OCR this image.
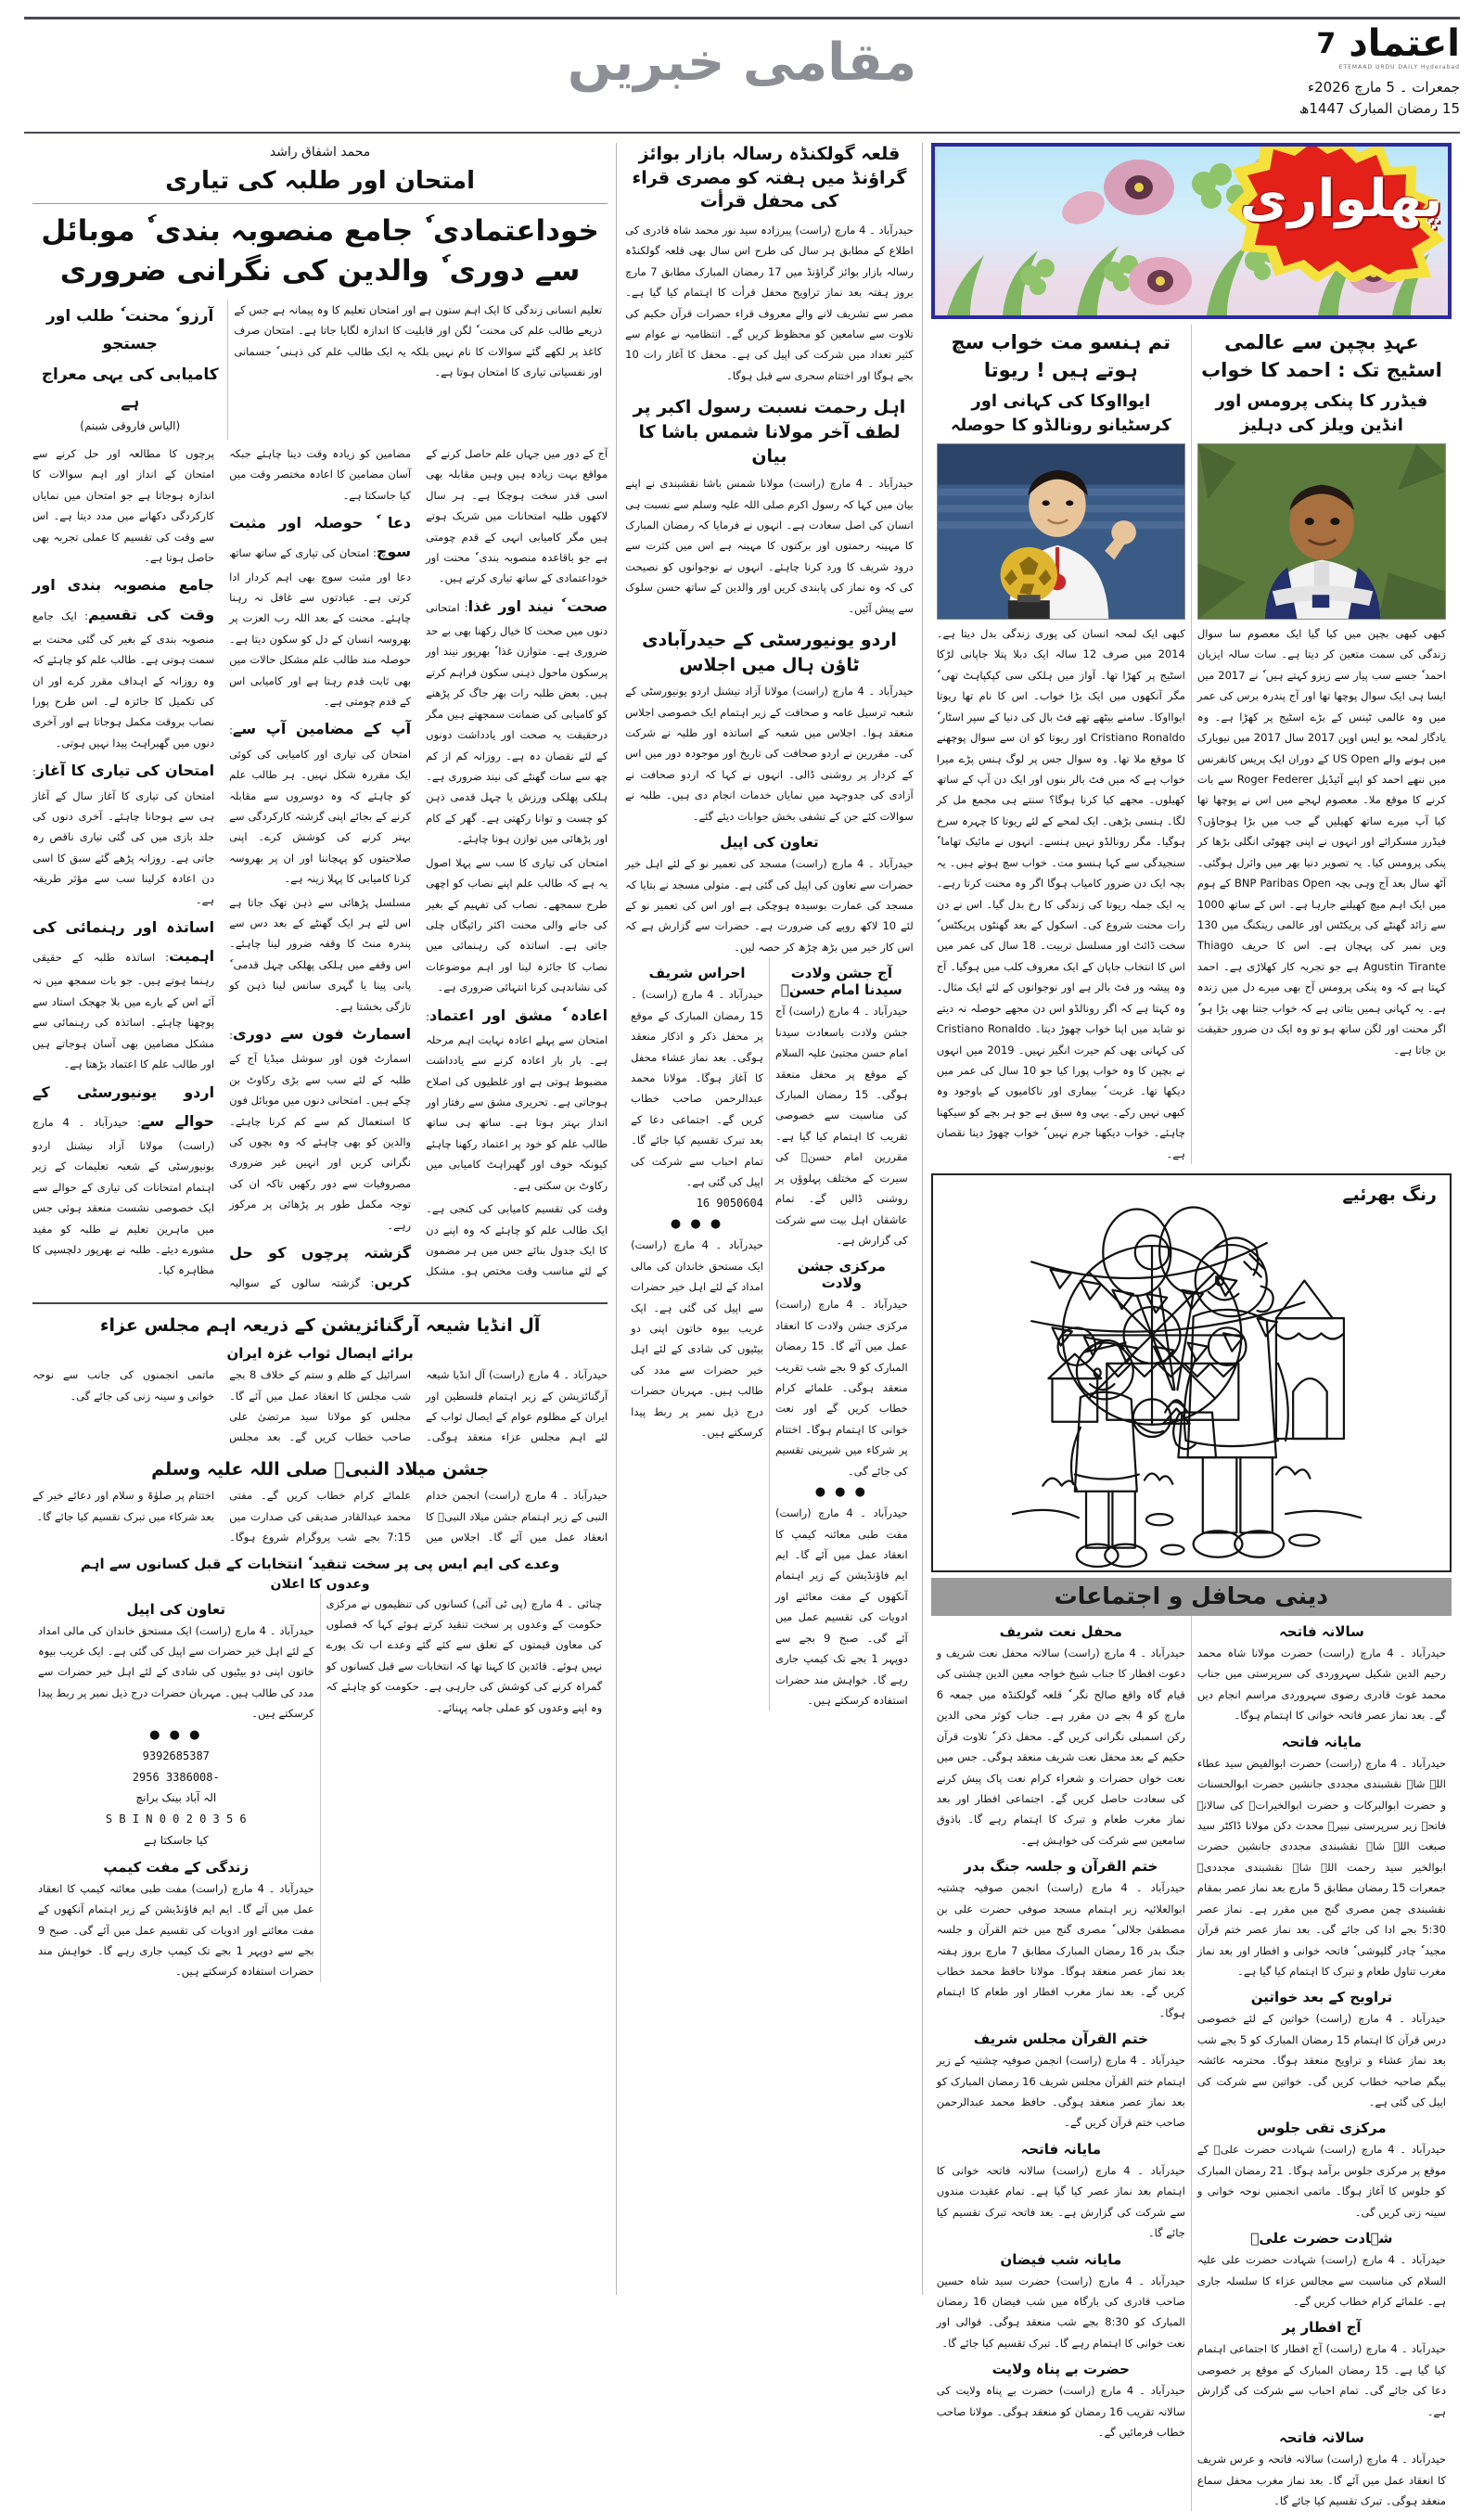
اعتماد
7
ETEMAAD URDU DAILY Hyderabad
جمعرات ۔ 5 مارچ 2026ء
15 رمضان المبارک 1447ھ
مقامی خبریں
پھلواری
عہدِ بچپن سے عالمی اسٹیج تک : احمد کا خواب
فیڈرر کا پنکی پرومس اور انڈین ویلز کی دہلیز
کبھی کبھی بچپن میں کیا گیا ایک معصوم سا سوال زندگی کی سمت متعین کر دیتا ہے۔ سات سالہ ایزیان احمد ٗ جسے سب پیار سے زیزو کہتے ہیں ٗ نے 2017 میں ایسا ہی ایک سوال پوچھا تھا اور آج پندرہ برس کی عمر میں وہ عالمی ٹینس کے بڑے اسٹیج پر کھڑا ہے۔ وہ یادگار لمحہ یو ایس اوپن 2017 سال 2017 میں نیویارک میں ہونے والے US Open کے دوران ایک پریس کانفرنس میں ننھے احمد کو اپنے آئیڈیل Roger Federer سے بات کرنے کا موقع ملا۔ معصوم لہجے میں اس نے پوچھا تھا کیا آپ میرے ساتھ کھیلیں گے جب میں بڑا ہوجاؤں؟ فیڈرر مسکرائے اور انہوں نے اپنی چھوٹی انگلی بڑھا کر پنکی پرومس کیا۔ یہ تصویر دنیا بھر میں وائرل ہوگئی۔ آٹھ سال بعد آج وہی بچہ BNP Paribas Open کے ہوم میں ایک اہم میچ کھیلنے جارہا ہے۔ اس کے ساتھ 1000 سے زائد گھنٹے کی پریکٹس اور عالمی رینکنگ میں 130 ویں نمبر کی پہچان ہے۔ اس کا حریف Thiago Agustin Tirante ہے جو تجربہ کار کھلاڑی ہے۔ احمد کہتا ہے کہ وہ پنکی پرومس آج بھی میرے دل میں زندہ ہے۔ یہ کہانی ہمیں بتاتی ہے کہ خواب جتنا بھی بڑا ہو ٗ اگر محنت اور لگن ساتھ ہو تو وہ ایک دن ضرور حقیقت بن جاتا ہے۔
تم ہنسو مت خواب سچ ہوتے ہیں ! ریوتا
ایوااوکا کی کہانی اور کرسٹیانو رونالڈو کا حوصلہ
کبھی ایک لمحہ انسان کی پوری زندگی بدل دیتا ہے۔ 2014 میں صرف 12 سالہ ایک دبلا پتلا جاپانی لڑکا اسٹیج پر کھڑا تھا۔ آواز میں ہلکی سی کپکپاہٹ تھی ٗ مگر آنکھوں میں ایک بڑا خواب۔ اس کا نام تھا ریوتا ایوااوکا۔ سامنے بیٹھے تھے فٹ بال کی دنیا کے سپر اسٹار ٗ Cristiano Ronaldo اور ریوتا کو ان سے سوال پوچھنے کا موقع ملا تھا۔ وہ سوال جس پر لوگ ہنس پڑے میرا خواب ہے کہ میں فٹ بالر بنوں اور ایک دن آپ کے ساتھ کھیلوں۔ مجھے کیا کرنا ہوگا؟ سنتے ہی مجمع مل کر لگا۔ ہنسی بڑھی۔ ایک لمحے کے لئے ریوتا کا چہرہ سرخ ہوگیا۔ مگر رونالڈو نہیں ہنسے۔ انہوں نے مائیک تھاما ٗ سنجیدگی سے کہا ہنسو مت۔ خواب سچ ہوتے ہیں۔ یہ بچہ ایک دن ضرور کامیاب ہوگا اگر وہ محنت کرتا رہے۔ یہ ایک جملہ ریوتا کی زندگی کا رخ بدل گیا۔ اس نے دن رات محنت شروع کی۔ اسکول کے بعد گھنٹوں پریکٹس ٗ سخت ڈائٹ اور مسلسل تربیت۔ 18 سال کی عمر میں اس کا انتخاب جاپان کے ایک معروف کلب میں ہوگیا۔ آج وہ پیشہ ور فٹ بالر ہے اور نوجوانوں کے لئے ایک مثال۔ وہ کہتا ہے کہ اگر رونالڈو اس دن مجھے حوصلہ نہ دیتے تو شاید میں اپنا خواب چھوڑ دیتا۔ Cristiano Ronaldo کی کہانی بھی کم حیرت انگیز نہیں۔ 2019 میں انہوں نے بچپن کا وہ خواب پورا کیا جو 10 سال کی عمر میں دیکھا تھا۔ غربت ٗ بیماری اور ناکامیوں کے باوجود وہ کبھی نہیں رکے۔ یہی وہ سبق ہے جو ہر بچے کو سیکھنا چاہئے۔ خواب دیکھنا جرم نہیں ٗ خواب چھوڑ دینا نقصان ہے۔
رنگ بھرئیے
دینی محافل و اجتماعات
سالانہ فاتحہ
حیدرآباد ۔ 4 مارچ (راست) حضرت مولانا شاہ محمد رحیم الدین شکیل سہروردی کی سرپرستی میں جناب محمد غوث قادری رضوی سہروردی مراسم انجام دیں گے۔ بعد نماز عصر فاتحہ خوانی کا اہتمام ہوگا۔
مایانہ فاتحہ
حیدرآباد ۔ 4 مارچ (راست) حضرت ابوالفیض سید عطاء اللہ شاہ نقشبندی مجددی جانشین حضرت ابوالحسنات و حضرت ابوالبرکات و حضرت ابوالخیراتؒ کی سالانہ فاتحہ زیر سرپرستی نبیرہ محدث دکن مولانا ڈاکٹر سید صبغت اللہ شاہ نقشبندی مجددی جانشین حضرت ابوالخیر سید رحمت اللہ شاہ نقشبندی مجددیؒ جمعرات 15 رمضان مطابق 5 مارچ بعد نماز عصر بمقام نقشبندی چمن مصری گنج میں مقرر ہے۔ نماز عصر 5:30 بجے ادا کی جائے گی۔ بعد نماز عصر ختم قرآن مجید ٗ چادر گلپوشی ٗ فاتحہ خوانی و افطار اور بعد نماز مغرب تناول طعام و تبرک کا اہتمام کیا گیا ہے۔
تراویح کے بعد خواتین
حیدرآباد ۔ 4 مارچ (راست) خواتین کے لئے خصوصی درس قرآن کا اہتمام 15 رمضان المبارک کو 5 بجے شب بعد نماز عشاء و تراویح منعقد ہوگا۔ محترمہ عائشہ بیگم صاحبہ خطاب کریں گی۔ خواتین سے شرکت کی اپیل کی گئی ہے۔
مرکزی تقی جلوس
حیدرآباد ۔ 4 مارچ (راست) شہادت حضرت علیؓ کے موقع پر مرکزی جلوس برآمد ہوگا۔ 21 رمضان المبارک کو جلوس کا آغاز ہوگا۔ ماتمی انجمنیں نوحہ خوانی و سینہ زنی کریں گی۔
شہادت حضرت علیؓ
حیدرآباد ۔ 4 مارچ (راست) شہادت حضرت علی علیہ السلام کی مناسبت سے مجالس عزاء کا سلسلہ جاری ہے۔ علمائے کرام خطاب کریں گے۔
آج افطار پر
حیدرآباد ۔ 4 مارچ (راست) آج افطار کا اجتماعی اہتمام کیا گیا ہے۔ 15 رمضان المبارک کے موقع پر خصوصی دعا کی جائے گی۔ تمام احباب سے شرکت کی گزارش ہے۔
سالانہ فاتحہ
حیدرآباد ۔ 4 مارچ (راست) سالانہ فاتحہ و عرس شریف کا انعقاد عمل میں آئے گا۔ بعد نماز مغرب محفل سماع منعقد ہوگی۔ تبرک تقسیم کیا جائے گا۔
محفل نعت شریف
حیدرآباد ۔ 4 مارچ (راست) سالانہ محفل نعت شریف و دعوت افطار کا جناب شیخ خواجہ معین الدین چشتی کی قیام گاہ واقع صالح نگر ٗ قلعہ گولکنڈہ میں جمعہ 6 مارچ کو 4 بجے دن مقرر ہے۔ جناب کوثر محی الدین رکن اسمبلی نگرانی کریں گے۔ محفل ذکر ٗ تلاوت قرآن حکیم کے بعد محفل نعت شریف منعقد ہوگی۔ جس میں نعت خواں حضرات و شعراء کرام نعت پاک پیش کرنے کی سعادت حاصل کریں گے۔ اجتماعی افطار اور بعد نماز مغرب طعام و تبرک کا اہتمام رہے گا۔ باذوق سامعین سے شرکت کی خواہش ہے۔
ختم القرآن و جلسہ جنگ بدر
حیدرآباد ۔ 4 مارچ (راست) انجمن صوفیہ چشتیہ ابوالعلائیہ زیر اہتمام مسجد صوفی حضرت علی بن مصطفیٰ جلالی ٗ مصری گنج میں ختم القرآن و جلسہ جنگ بدر 16 رمضان المبارک مطابق 7 مارچ بروز ہفتہ بعد نماز عصر منعقد ہوگا۔ مولانا حافظ محمد خطاب کریں گے۔ بعد نماز مغرب افطار اور طعام کا اہتمام ہوگا۔
ختم القرآن مجلس شریف
حیدرآباد ۔ 4 مارچ (راست) انجمن صوفیہ چشتیہ کے زیر اہتمام ختم القرآن مجلس شریف 16 رمضان المبارک کو بعد نماز عصر منعقد ہوگی۔ حافظ محمد عبدالرحمن صاحب ختم قرآن کریں گے۔
مایانہ فاتحہ
حیدرآباد ۔ 4 مارچ (راست) سالانہ فاتحہ خوانی کا اہتمام بعد نماز عصر کیا گیا ہے۔ تمام عقیدت مندوں سے شرکت کی گزارش ہے۔ بعد فاتحہ تبرک تقسیم کیا جائے گا۔
مایانہ شب فیضان
حیدرآباد ۔ 4 مارچ (راست) حضرت سید شاہ حسین صاحب قادری کی بارگاہ میں شب فیضان 16 رمضان المبارک کو 8:30 بجے شب منعقد ہوگی۔ قوالی اور نعت خوانی کا اہتمام رہے گا۔ تبرک تقسیم کیا جائے گا۔
حضرت بے پناہ ولایت
حیدرآباد ۔ 4 مارچ (راست) حضرت بے پناہ ولایت کی سالانہ تقریب 16 رمضان کو منعقد ہوگی۔ مولانا صاحب خطاب فرمائیں گے۔
قلعہ گولکنڈہ رسالہ بازار بوائز گراؤنڈ میں ہفتہ کو مصری قراء کی محفل قرأت
حیدرآباد ۔ 4 مارچ (راست) پیرزادہ سید نور محمد شاہ قادری کی اطلاع کے مطابق ہر سال کی طرح اس سال بھی قلعہ گولکنڈہ رسالہ بازار بوائز گراؤنڈ میں 17 رمضان المبارک مطابق 7 مارچ بروز ہفتہ بعد نماز تراویح محفل قرأت کا اہتمام کیا گیا ہے۔ مصر سے تشریف لانے والے معروف قراء حضرات قرآن حکیم کی تلاوت سے سامعین کو محظوظ کریں گے۔ انتظامیہ نے عوام سے کثیر تعداد میں شرکت کی اپیل کی ہے۔ محفل کا آغاز رات 10 بجے ہوگا اور اختتام سحری سے قبل ہوگا۔
اہل رحمت نسبت رسول اکبر پر لطف آخر مولانا شمس باشا کا بیان
حیدرآباد ۔ 4 مارچ (راست) مولانا شمس باشا نقشبندی نے اپنے بیان میں کہا کہ رسول اکرم صلی اللہ علیہ وسلم سے نسبت ہی انسان کی اصل سعادت ہے۔ انہوں نے فرمایا کہ رمضان المبارک کا مہینہ رحمتوں اور برکتوں کا مہینہ ہے اس میں کثرت سے درود شریف کا ورد کرنا چاہئے۔ انہوں نے نوجوانوں کو نصیحت کی کہ وہ نماز کی پابندی کریں اور والدین کے ساتھ حسن سلوک سے پیش آئیں۔
اردو یونیورسٹی کے حیدرآبادی ٹاؤن ہال میں اجلاس
حیدرآباد ۔ 4 مارچ (راست) مولانا آزاد نیشنل اردو یونیورسٹی کے شعبہ ترسیل عامہ و صحافت کے زیر اہتمام ایک خصوصی اجلاس منعقد ہوا۔ اجلاس میں شعبہ کے اساتذہ اور طلبہ نے شرکت کی۔ مقررین نے اردو صحافت کی تاریخ اور موجودہ دور میں اس کے کردار پر روشنی ڈالی۔ انہوں نے کہا کہ اردو صحافت نے آزادی کی جدوجہد میں نمایاں خدمات انجام دی ہیں۔ طلبہ نے سوالات کئے جن کے تشفی بخش جوابات دیئے گئے۔
تعاون کی اپیل
حیدرآباد ۔ 4 مارچ (راست) مسجد کی تعمیر نو کے لئے اہل خیر حضرات سے تعاون کی اپیل کی گئی ہے۔ متولی مسجد نے بتایا کہ مسجد کی عمارت بوسیدہ ہوچکی ہے اور اس کی تعمیر نو کے لئے 10 لاکھ روپے کی ضرورت ہے۔ حضرات سے گزارش ہے کہ اس کار خیر میں بڑھ چڑھ کر حصہ لیں۔
آج جشن ولادت سیدنا امام حسنؓ
حیدرآباد ۔ 4 مارچ (راست) آج جشن ولادت باسعادت سیدنا امام حسن مجتبیٰ علیہ السلام کے موقع پر محفل منعقد ہوگی۔ 15 رمضان المبارک کی مناسبت سے خصوصی تقریب کا اہتمام کیا گیا ہے۔ مقررین امام حسنؓ کی سیرت کے مختلف پہلوؤں پر روشنی ڈالیں گے۔ تمام عاشقان اہل بیت سے شرکت کی گزارش ہے۔
مرکزی جشن ولادت
حیدرآباد ۔ 4 مارچ (راست) مرکزی جشن ولادت کا انعقاد عمل میں آئے گا۔ 15 رمضان المبارک کو 9 بجے شب تقریب منعقد ہوگی۔ علمائے کرام خطاب کریں گے اور نعت خوانی کا اہتمام ہوگا۔ اختتام پر شرکاء میں شیرینی تقسیم کی جائے گی۔
● ● ●
حیدرآباد ۔ 4 مارچ (راست) مفت طبی معائنہ کیمپ کا انعقاد عمل میں آئے گا۔ ایم ایم فاؤنڈیشن کے زیر اہتمام آنکھوں کے مفت معائنے اور ادویات کی تقسیم عمل میں آئے گی۔ صبح 9 بجے سے دوپہر 1 بجے تک کیمپ جاری رہے گا۔ خواہش مند حضرات استفادہ کرسکتے ہیں۔
احراس شریف
حیدرآباد ۔ 4 مارچ (راست) ۔ 15 رمضان المبارک کے موقع پر محفل ذکر و اذکار منعقد ہوگی۔ بعد نماز عشاء محفل کا آغاز ہوگا۔ مولانا محمد عبدالرحمن صاحب خطاب کریں گے۔ اجتماعی دعا کے بعد تبرک تقسیم کیا جائے گا۔ تمام احباب سے شرکت کی اپیل کی گئی ہے۔
9050604 16
● ● ●
حیدرآباد ۔ 4 مارچ (راست) ایک مستحق خاندان کی مالی امداد کے لئے اہل خیر حضرات سے اپیل کی گئی ہے۔ ایک غریب بیوہ خاتون اپنی دو بیٹیوں کی شادی کے لئے اہل خیر حضرات سے مدد کی طالب ہیں۔ مہربان حضرات درج ذیل نمبر پر ربط پیدا کرسکتے ہیں۔
محمد اشفاق راشد
امتحان اور طلبہ کی تیاری
خوداعتمادی ٗ جامع منصوبہ بندی ٗ موبائل سے دوری ٗ والدین کی نگرانی ضروری
تعلیم انسانی زندگی کا ایک اہم ستون ہے اور امتحان تعلیم کا وہ پیمانہ ہے جس کے ذریعے طالب علم کی محنت ٗ لگن اور قابلیت کا اندازہ لگایا جاتا ہے۔ امتحان صرف کاغذ پر لکھے گئے سوالات کا نام نہیں بلکہ یہ ایک طالب علم کی ذہنی ٗ جسمانی اور نفسیاتی تیاری کا امتحان ہوتا ہے۔
آرزو ٗ محنت ٗ طلب اور جستجو
کامیابی کی یہی معراج ہے
(الیاس فاروقی شبنم)

آج کے دور میں جہاں علم حاصل کرنے کے مواقع بہت زیادہ ہیں وہیں مقابلہ بھی اسی قدر سخت ہوچکا ہے۔ ہر سال لاکھوں طلبہ امتحانات میں شریک ہوتے ہیں مگر کامیابی انہی کے قدم چومتی ہے جو باقاعدہ منصوبہ بندی ٗ محنت اور خوداعتمادی کے ساتھ تیاری کرتے ہیں۔

صحت ٗ نیند اور غذا: امتحانی دنوں میں صحت کا خیال رکھنا بھی بے حد ضروری ہے۔ متوازن غذا ٗ بھرپور نیند اور پرسکون ماحول ذہنی سکون فراہم کرتے ہیں۔ بعض طلبہ رات بھر جاگ کر پڑھنے کو کامیابی کی ضمانت سمجھتے ہیں مگر درحقیقت یہ صحت اور یادداشت دونوں کے لئے نقصان دہ ہے۔ روزانہ کم از کم چھ سے سات گھنٹے کی نیند ضروری ہے۔ ہلکی پھلکی ورزش یا چہل قدمی ذہن کو چست و توانا رکھتی ہے۔ گھر کے کام اور پڑھائی میں توازن ہونا چاہئے۔

امتحان کی تیاری کا سب سے پہلا اصول یہ ہے کہ طالب علم اپنے نصاب کو اچھی طرح سمجھے۔ نصاب کی تفہیم کے بغیر کی جانے والی محنت اکثر رائیگاں چلی جاتی ہے۔ اساتذہ کی رہنمائی میں نصاب کا جائزہ لینا اور اہم موضوعات کی نشاندہی کرنا انتہائی ضروری ہے۔

اعادہ ٗ مشق اور اعتماد: امتحان سے پہلے اعادہ نہایت اہم مرحلہ ہے۔ بار بار اعادہ کرنے سے یادداشت مضبوط ہوتی ہے اور غلطیوں کی اصلاح ہوجاتی ہے۔ تحریری مشق سے رفتار اور انداز بہتر ہوتا ہے۔ ساتھ ہی ساتھ طالب علم کو خود پر اعتماد رکھنا چاہئے کیونکہ خوف اور گھبراہٹ کامیابی میں رکاوٹ بن سکتی ہے۔

وقت کی تقسیم کامیابی کی کنجی ہے۔ ایک طالب علم کو چاہئے کہ وہ اپنے دن کا ایک جدول بنائے جس میں ہر مضمون کے لئے مناسب وقت مختص ہو۔ مشکل مضامین کو زیادہ وقت دینا چاہئے جبکہ آسان مضامین کا اعادہ مختصر وقت میں کیا جاسکتا ہے۔

دعا ٗ حوصلہ اور مثبت سوچ: امتحان کی تیاری کے ساتھ ساتھ دعا اور مثبت سوچ بھی اہم کردار ادا کرتی ہے۔ عبادتوں سے غافل نہ رہنا چاہئے۔ محنت کے بعد اللہ رب العزت پر بھروسہ انسان کے دل کو سکون دیتا ہے۔ حوصلہ مند طالب علم مشکل حالات میں بھی ثابت قدم رہتا ہے اور کامیابی اس کے قدم چومتی ہے۔

آپ کے مضامین آپ سے: امتحان کی تیاری اور کامیابی کی کوئی ایک مقررہ شکل نہیں۔ ہر طالب علم کو چاہئے کہ وہ دوسروں سے مقابلہ کرنے کے بجائے اپنی گزشتہ کارکردگی سے بہتر کرنے کی کوشش کرے۔ اپنی صلاحیتوں کو پہچاننا اور ان پر بھروسہ کرنا کامیابی کا پہلا زینہ ہے۔

مسلسل پڑھائی سے ذہن تھک جاتا ہے اس لئے ہر ایک گھنٹے کے بعد دس سے پندرہ منٹ کا وقفہ ضرور لینا چاہئے۔ اس وقفے میں ہلکی پھلکی چہل قدمی ٗ پانی پینا یا گہری سانس لینا ذہن کو تازگی بخشتا ہے۔

اسمارٹ فون سے دوری: اسمارٹ فون اور سوشل میڈیا آج کے طلبہ کے لئے سب سے بڑی رکاوٹ بن چکے ہیں۔ امتحانی دنوں میں موبائل فون کا استعمال کم سے کم کرنا چاہئے۔ والدین کو بھی چاہئے کہ وہ بچوں کی نگرانی کریں اور انہیں غیر ضروری مصروفیات سے دور رکھیں تاکہ ان کی توجہ مکمل طور پر پڑھائی پر مرکوز رہے۔

گزشتہ پرچوں کو حل کریں: گزشتہ سالوں کے سوالیہ پرچوں کا مطالعہ اور حل کرنے سے امتحان کے انداز اور اہم سوالات کا اندازہ ہوجاتا ہے جو امتحان میں نمایاں کارکردگی دکھانے میں مدد دیتا ہے۔ اس سے وقت کی تقسیم کا عملی تجربہ بھی حاصل ہوتا ہے۔

جامع منصوبہ بندی اور وقت کی تقسیم: ایک جامع منصوبہ بندی کے بغیر کی گئی محنت بے سمت ہوتی ہے۔ طالب علم کو چاہئے کہ وہ روزانہ کے اہداف مقرر کرے اور ان کی تکمیل کا جائزہ لے۔ اس طرح پورا نصاب بروقت مکمل ہوجاتا ہے اور آخری دنوں میں گھبراہٹ پیدا نہیں ہوتی۔

امتحان کی تیاری کا آغاز: امتحان کی تیاری کا آغاز سال کے آغاز ہی سے ہوجانا چاہئے۔ آخری دنوں کی جلد بازی میں کی گئی تیاری ناقص رہ جاتی ہے۔ روزانہ پڑھے گئے سبق کا اسی دن اعادہ کرلینا سب سے مؤثر طریقہ ہے۔

اساتذہ اور رہنمائی کی اہمیت: اساتذہ طلبہ کے حقیقی رہنما ہوتے ہیں۔ جو بات سمجھ میں نہ آئے اس کے بارے میں بلا جھجک استاد سے پوچھنا چاہئے۔ اساتذہ کی رہنمائی سے مشکل مضامین بھی آسان ہوجاتے ہیں اور طالب علم کا اعتماد بڑھتا ہے۔

اردو یونیورسٹی کے حوالے سے: حیدرآباد ۔ 4 مارچ (راست) مولانا آزاد نیشنل اردو یونیورسٹی کے شعبہ تعلیمات کے زیر اہتمام امتحانات کی تیاری کے حوالے سے ایک خصوصی نشست منعقد ہوئی جس میں ماہرین تعلیم نے طلبہ کو مفید مشورے دیئے۔ طلبہ نے بھرپور دلچسپی کا مظاہرہ کیا۔

آل انڈیا شیعہ آرگنائزیشن کے ذریعہ اہم مجلس عزاء
برائے ایصال ثواب غزہ ایران

حیدرآباد ۔ 4 مارچ (راست) آل انڈیا شیعہ آرگنائزیشن کے زیر اہتمام فلسطین اور ایران کے مظلوم عوام کے ایصال ثواب کے لئے اہم مجلس عزاء منعقد ہوگی۔ اسرائیل کے ظلم و ستم کے خلاف 8 بجے شب مجلس کا انعقاد عمل میں آئے گا۔ مجلس کو مولانا سید مرتضیٰ علی صاحب خطاب کریں گے۔ بعد مجلس ماتمی انجمنوں کی جانب سے نوحہ خوانی و سینہ زنی کی جائے گی۔

جشن میلاد النبیؐ صلی اللہ علیہ وسلم

حیدرآباد ۔ 4 مارچ (راست) انجمن خدام النبی کے زیر اہتمام جشن میلاد النبیؐ کا انعقاد عمل میں آئے گا۔ اجلاس میں علمائے کرام خطاب کریں گے۔ مفتی محمد عبدالقادر صدیقی کی صدارت میں 7:15 بجے شب پروگرام شروع ہوگا۔ اختتام پر صلوٰۃ و سلام اور دعائے خیر کے بعد شرکاء میں تبرک تقسیم کیا جائے گا۔

وعدے کی ایم ایس پی پر سخت تنقید ٗ انتخابات کے قبل کسانوں سے اہم
وعدوں کا اعلان
چنائی ۔ 4 مارچ (پی ٹی آئی) کسانوں کی تنظیموں نے مرکزی حکومت کے وعدوں پر سخت تنقید کرتے ہوئے کہا کہ فصلوں کی معاون قیمتوں کے تعلق سے کئے گئے وعدے اب تک پورے نہیں ہوئے۔ قائدین کا کہنا تھا کہ انتخابات سے قبل کسانوں کو گمراہ کرنے کی کوشش کی جارہی ہے۔ حکومت کو چاہئے کہ وہ اپنے وعدوں کو عملی جامہ پہنائے۔
تعاون کی اپیل
حیدرآباد ۔ 4 مارچ (راست) ایک مستحق خاندان کی مالی امداد کے لئے اہل خیر حضرات سے اپیل کی گئی ہے۔ ایک غریب بیوہ خاتون اپنی دو بیٹیوں کی شادی کے لئے اہل خیر حضرات سے مدد کی طالب ہیں۔ مہربان حضرات درج ذیل نمبر پر ربط پیدا کرسکتے ہیں۔
● ● ●
9392685387
-3386008 2956
الہ آباد بینک برانچ
S B I N 0 0 2 0 3 5 6
کیا جاسکتا ہے
زندگی کے مفت کیمپ
حیدرآباد ۔ 4 مارچ (راست) مفت طبی معائنہ کیمپ کا انعقاد عمل میں آئے گا۔ ایم ایم فاؤنڈیشن کے زیر اہتمام آنکھوں کے مفت معائنے اور ادویات کی تقسیم عمل میں آئے گی۔ صبح 9 بجے سے دوپہر 1 بجے تک کیمپ جاری رہے گا۔ خواہش مند حضرات استفادہ کرسکتے ہیں۔
